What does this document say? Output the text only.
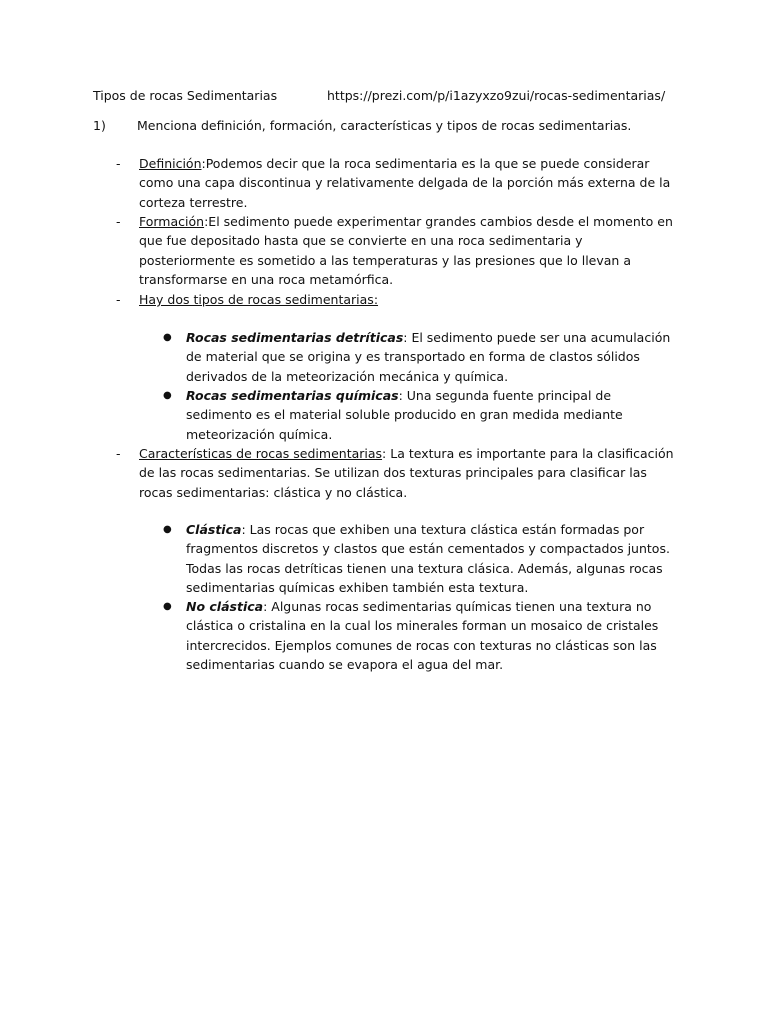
Tipos de rocas Sedimentarias	https://prezi.com/p/i1azyxzo9zui/rocas-sedimentarias/
1) Menciona definición, formación, características y tipos de rocas sedimentarias.
- Definición:Podemos decir que la roca sedimentaria es la que se puede considerar como una capa discontinua y relativamente delgada de la porción más externa de la corteza terrestre.
- Formación:El sedimento puede experimentar grandes cambios desde el momento en que fue depositado hasta que se convierte en una roca sedimentaria y posteriormente es sometido a las temperaturas y las presiones que lo llevan a transformarse en una roca metamórfica.
- Hay dos tipos de rocas sedimentarias:
● Rocas sedimentarias detríticas: El sedimento puede ser una acumulación de material que se origina y es transportado en forma de clastos sólidos derivados de la meteorización mecánica y química.
● Rocas sedimentarias químicas: Una segunda fuente principal de sedimento es el material soluble producido en gran medida mediante meteorización química.
- Características de rocas sedimentarias: La textura es importante para la clasificación de las rocas sedimentarias. Se utilizan dos texturas principales para clasificar las rocas sedimentarias: clástica y no clástica.
● Clástica: Las rocas que exhiben una textura clástica están formadas por fragmentos discretos y clastos que están cementados y compactados juntos. Todas las rocas detríticas tienen una textura clásica. Además, algunas rocas sedimentarias químicas exhiben también esta textura.
● No clástica: Algunas rocas sedimentarias químicas tienen una textura no clástica o cristalina en la cual los minerales forman un mosaico de cristales intercrecidos. Ejemplos comunes de rocas con texturas no clásticas son las sedimentarias cuando se evapora el agua del mar.
